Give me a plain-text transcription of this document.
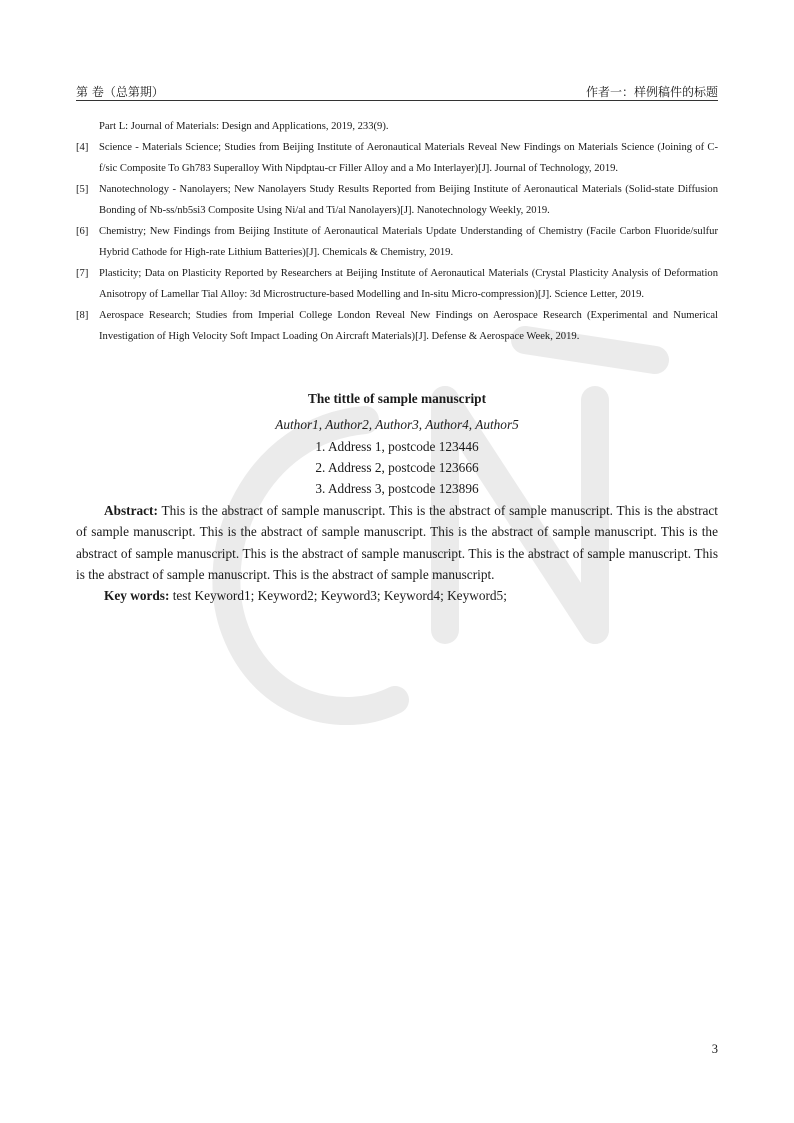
第 卷（总第期）	作者一：样例稿件的标题
Part L: Journal of Materials: Design and Applications, 2019, 233(9).
[4] Science - Materials Science; Studies from Beijing Institute of Aeronautical Materials Reveal New Findings on Materials Science (Joining of C-f/sic Composite To Gh783 Superalloy With Nipdptau-cr Filler Alloy and a Mo Interlayer)[J]. Journal of Technology, 2019.
[5] Nanotechnology - Nanolayers; New Nanolayers Study Results Reported from Beijing Institute of Aeronautical Materials (Solid-state Diffusion Bonding of Nb-ss/nb5si3 Composite Using Ni/al and Ti/al Nanolayers)[J]. Nanotechnology Weekly, 2019.
[6] Chemistry; New Findings from Beijing Institute of Aeronautical Materials Update Understanding of Chemistry (Facile Carbon Fluoride/sulfur Hybrid Cathode for High-rate Lithium Batteries)[J]. Chemicals & Chemistry, 2019.
[7] Plasticity; Data on Plasticity Reported by Researchers at Beijing Institute of Aeronautical Materials (Crystal Plasticity Analysis of Deformation Anisotropy of Lamellar Tial Alloy: 3d Microstructure-based Modelling and In-situ Micro-compression)[J]. Science Letter, 2019.
[8] Aerospace Research; Studies from Imperial College London Reveal New Findings on Aerospace Research (Experimental and Numerical Investigation of High Velocity Soft Impact Loading On Aircraft Materials)[J]. Defense & Aerospace Week, 2019.
The tittle of sample manuscript
Author1, Author2, Author3, Author4, Author5
1. Address 1, postcode 123446
2. Address 2, postcode 123666
3. Address 3, postcode 123896
Abstract: This is the abstract of sample manuscript. This is the abstract of sample manuscript. This is the abstract of sample manuscript. This is the abstract of sample manuscript. This is the abstract of sample manuscript. This is the abstract of sample manuscript. This is the abstract of sample manuscript. This is the abstract of sample manuscript. This is the abstract of sample manuscript. This is the abstract of sample manuscript.
Key words: test Keyword1; Keyword2; Keyword3; Keyword4; Keyword5;
3
